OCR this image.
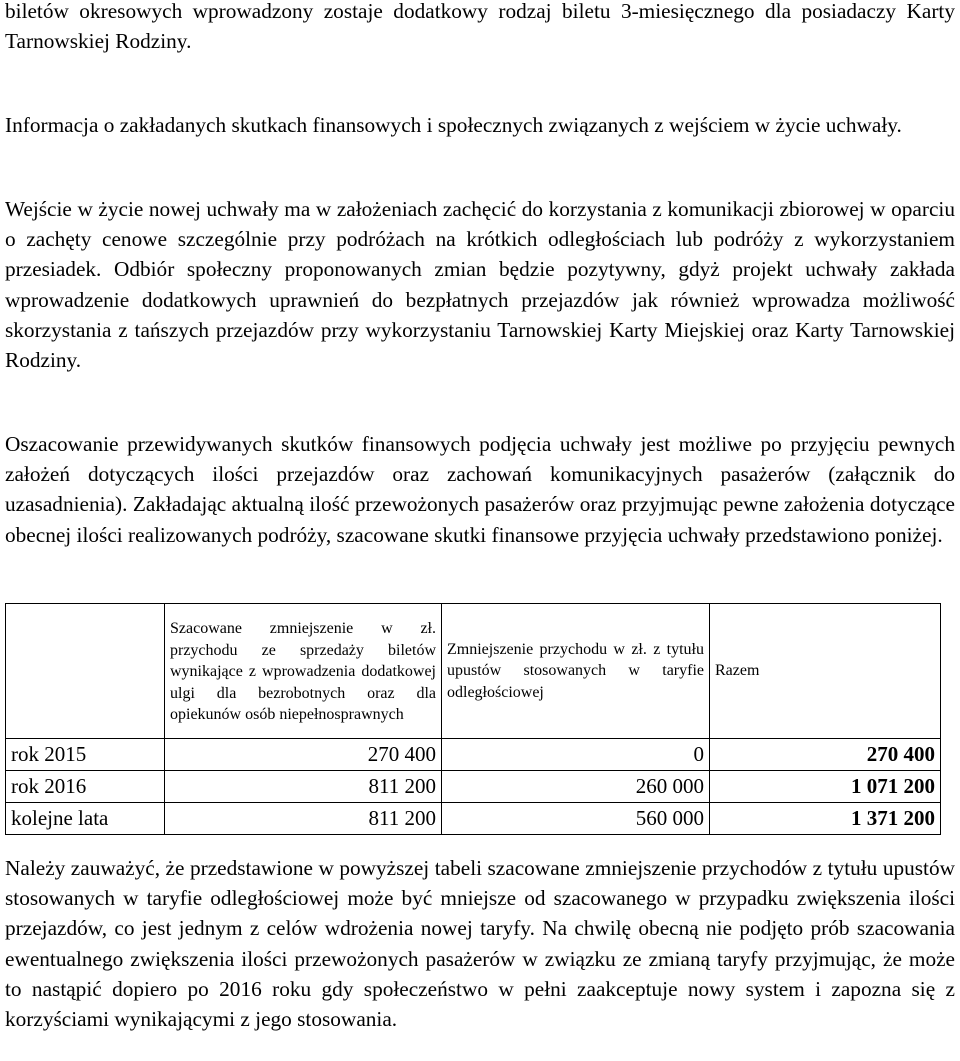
biletów okresowych wprowadzony zostaje dodatkowy rodzaj biletu 3-miesięcznego dla posiadaczy Karty Tarnowskiej Rodziny.

Informacja o zakładanych skutkach finansowych i społecznych związanych z wejściem w życie uchwały.

Wejście w życie nowej uchwały ma w założeniach zachęcić do korzystania z komunikacji zbiorowej w oparciu o zachęty cenowe szczególnie przy podróżach na krótkich odległościach lub podróży z wykorzystaniem przesiadek. Odbiór społeczny proponowanych zmian będzie pozytywny, gdyż projekt uchwały zakłada wprowadzenie dodatkowych uprawnień do bezpłatnych przejazdów jak również wprowadza możliwość skorzystania z tańszych przejazdów przy wykorzystaniu Tarnowskiej Karty Miejskiej oraz Karty Tarnowskiej Rodziny.

Oszacowanie przewidywanych skutków finansowych podjęcia uchwały jest możliwe po przyjęciu pewnych założeń dotyczących ilości przejazdów oraz zachowań komunikacyjnych pasażerów (załącznik do uzasadnienia). Zakładając aktualną ilość przewożonych pasażerów oraz przyjmując pewne założenia dotyczące obecnej ilości realizowanych podróży, szacowane skutki finansowe przyjęcia uchwały przedstawiono poniżej.

	Szacowane zmniejszenie w zł. przychodu ze sprzedaży biletów wynikające z wprowadzenia dodatkowej ulgi dla bezrobotnych oraz dla opiekunów osób niepełnosprawnych	Zmniejszenie przychodu w zł. z tytułu upustów stosowanych w taryfie odległościowej	Razem
rok 2015	270 400	0	270 400
rok 2016	811 200	260 000	1 071 200
kolejne lata	811 200	560 000	1 371 200

Należy zauważyć, że przedstawione w powyższej tabeli szacowane zmniejszenie przychodów z tytułu upustów stosowanych w taryfie odległościowej może być mniejsze od szacowanego w przypadku zwiększenia ilości przejazdów, co jest jednym z celów wdrożenia nowej taryfy. Na chwilę obecną nie podjęto prób szacowania ewentualnego zwiększenia ilości przewożonych pasażerów w związku ze zmianą taryfy przyjmując, że może to nastąpić dopiero po 2016 roku gdy społeczeństwo w pełni zaakceptuje nowy system i zapozna się z korzyściami wynikającymi z jego stosowania.
